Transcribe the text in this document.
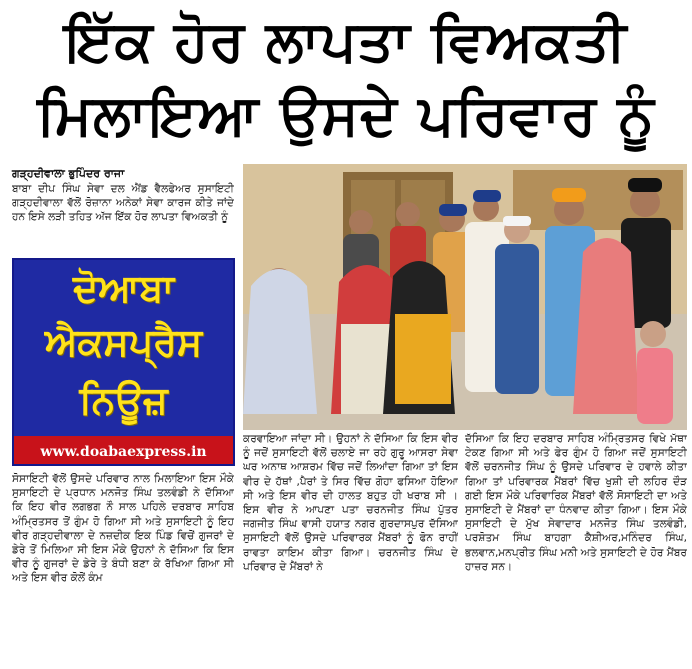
ਇੱਕ ਹੋਰ ਲਾਪਤਾ ਵਿਅਕਤੀ
ਮਿਲਾਇਆ ਉਸਦੇ ਪਰਿਵਾਰ ਨੂੰ
ਗੜ੍ਹਦੀਵਾਲਾ ਭੁਪਿੰਦਰ ਰਾਜਾ
ਬਾਬਾ ਦੀਪ ਸਿੰਘ ਸੇਵਾ ਦਲ ਐਂਡ ਵੈਲਫੇਅਰ ਸੁਸਾਇਟੀ ਗੜ੍ਹਦੀਵਾਲਾ ਵੱਲੋਂ ਰੋਜ਼ਾਨਾ ਅਨੇਕਾਂ ਸੇਵਾ ਕਾਰਜ ਕੀਤੇ ਜਾਂਦੇ ਹਨ ਇਸੇ ਲੜੀ ਤਹਿਤ ਅੱਜ ਇੱਕ ਹੋਰ ਲਾਪਤਾ ਵਿਅਕਤੀ ਨੂੰ
ਦੋਆਬਾ
ਐਕਸਪ੍ਰੈਸ
ਨਿਊਜ਼
www.doabaexpress.in
ਸੋਸਾਇਟੀ ਵੱਲੋਂ ਉਸਦੇ ਪਰਿਵਾਰ ਨਾਲ ਮਿਲਾਇਆ ਇਸ ਮੌਕੇ ਸੁਸਾਇਟੀ ਦੇ ਪ੍ਰਧਾਨ ਮਨਜੋਤ ਸਿੰਘ ਤਲਵੰਡੀ ਨੇ ਦੱਸਿਆ ਕਿ ਇਹ ਵੀਰ ਲਗਭਗ ਨੌ ਸਾਲ ਪਹਿਲੇ ਦਰਬਾਰ ਸਾਹਿਬ ਅੰਮ੍ਰਿਤਸਰ ਤੋਂ ਗੁੰਮ ਹੋ ਗਿਆ ਸੀ ਅਤੇ ਸੁਸਾਇਟੀ ਨੂੰ ਇਹ ਵੀਰ ਗੜ੍ਹਦੀਵਾਲਾ ਦੇ ਨਜ਼ਦੀਕ ਇਕ ਪਿੰਡ ਵਿਚੋਂ ਗੁਜਰਾਂ ਦੇ ਡੇਰੇ ਤੋਂ ਮਿਲਿਆ ਸੀ ਇਸ ਮੌਕੇ ਉਹਨਾਂ ਨੇ ਦੱਸਿਆ ਕਿ ਇਸ ਵੀਰ ਨੂੰ ਗੁਜਰਾਂ ਦੇ ਡੇਰੇ ਤੇ ਬੰਧੀ ਬਣਾ ਕੇ ਰੱਖਿਆ ਗਿਆ ਸੀ ਅਤੇ ਇਸ ਵੀਰ ਕੋਲੋਂ ਕੰਮ
ਕਰਵਾਇਆ ਜਾਂਦਾ ਸੀ। ਉਹਨਾਂ ਨੇ ਦੱਸਿਆ ਕਿ ਇਸ ਵੀਰ ਨੂੰ ਜਦੋਂ ਸੁਸਾਇਟੀ ਵੱਲੋਂ ਚਲਾਏ ਜਾ ਰਹੇ ਗੁਰੂ ਆਸਰਾ ਸੇਵਾ ਘਰ ਅਨਾਥ ਆਸ਼ਰਮ ਵਿੱਚ ਜਦੋਂ ਲਿਆਂਦਾ ਗਿਆ ਤਾਂ ਇਸ ਵੀਰ ਦੇ ਹੱਥਾਂ ,ਪੈਰਾਂ ਤੇ ਸਿਰ ਵਿੱਚ ਗੋਹਾ ਫਸਿਆ ਹੋਇਆ ਸੀ ਅਤੇ ਇਸ ਵੀਰ ਦੀ ਹਾਲਤ ਬਹੁਤ ਹੀ ਖਰਾਬ ਸੀ । ਇਸ ਵੀਰ ਨੇ ਆਪਣਾ ਪਤਾ ਚਰਨਜੀਤ ਸਿੰਘ ਪੁੱਤਰ ਜਗਜੀਤ ਸਿੰਘ ਵਾਸੀ ਹਯਾਤ ਨਗਰ ਗੁਰਦਾਸਪੁਰ ਦੱਸਿਆ ਸੁਸਾਇਟੀ ਵੱਲੋਂ ਉਸਦੇ ਪਰਿਵਾਰਕ ਮੈਂਬਰਾਂ ਨੂੰ ਫੋਨ ਰਾਹੀਂ ਰਾਵਤਾ ਕਾਇਮ ਕੀਤਾ ਗਿਆ। ਚਰਨਜੀਤ ਸਿੰਘ ਦੇ ਪਰਿਵਾਰ ਦੇ ਮੈਂਬਰਾਂ ਨੇ
ਦੱਸਿਆ ਕਿ ਇਹ ਦਰਬਾਰ ਸਾਹਿਬ ਅੰਮ੍ਰਿਤਸਰ ਵਿਖੇ ਮੱਥਾ ਟੇਕਣ ਗਿਆ ਸੀ ਅਤੇ ਫੇਰ ਗੁੰਮ ਹੋ ਗਿਆ ਜਦੋਂ ਸੁਸਾਇਟੀ ਵੱਲੋਂ ਚਰਨਜੀਤ ਸਿੰਘ ਨੂੰ ਉਸਦੇ ਪਰਿਵਾਰ ਦੇ ਹਵਾਲੇ ਕੀਤਾ ਗਿਆ ਤਾਂ ਪਰਿਵਾਰਕ ਮੈਂਬਰਾਂ ਵਿੱਚ ਖੁਸ਼ੀ ਦੀ ਲਹਿਰ ਦੌੜ ਗਈ ਇਸ ਮੌਕੇ ਪਰਿਵਾਰਿਕ ਮੈਂਬਰਾਂ ਵੱਲੋਂ ਸੋਸਾਇਟੀ ਦਾ ਅਤੇ ਸੁਸਾਇਟੀ ਦੇ ਮੈਂਬਰਾਂ ਦਾ ਧੰਨਵਾਦ ਕੀਤਾ ਗਿਆ। ਇਸ ਮੌਕੇ ਸੁਸਾਇਟੀ ਦੇ ਮੁੱਖ ਸੇਵਾਦਾਰ ਮਨਜੋਤ ਸਿੰਘ ਤਲਵੰਡੀ, ਪਰਸ਼ੋਤਮ ਸਿੰਘ ਬਾਹਗਾ ਕੈਸ਼ੀਅਰ,ਮਨਿੰਦਰ ਸਿੰਘ, ਭਲਵਾਨ,ਮਨਪ੍ਰੀਤ ਸਿੰਘ ਮਨੀ ਅਤੇ ਸੁਸਾਇਟੀ ਦੇ ਹੋਰ ਮੈਂਬਰ ਹਾਜ਼ਰ ਸਨ।
